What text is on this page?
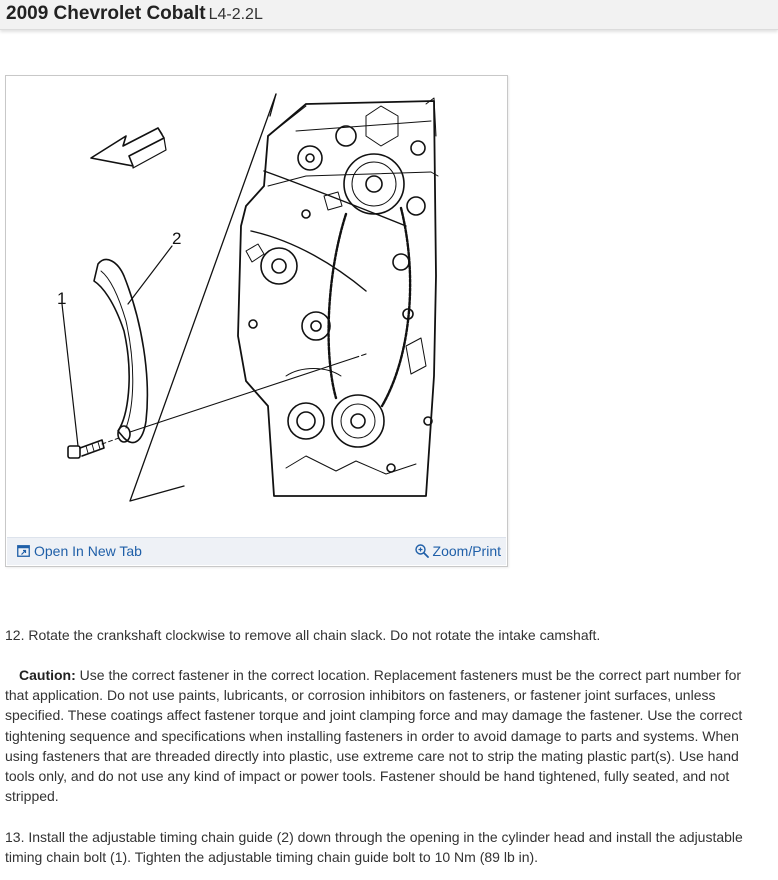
2009 Chevrolet Cobalt L4-2.2L
1
2
Open In New Tab	Zoom/Print
12. Rotate the crankshaft clockwise to remove all chain slack. Do not rotate the intake camshaft.
Caution: Use the correct fastener in the correct location. Replacement fasteners must be the correct part number for that application. Do not use paints, lubricants, or corrosion inhibitors on fasteners, or fastener joint surfaces, unless specified. These coatings affect fastener torque and joint clamping force and may damage the fastener. Use the correct tightening sequence and specifications when installing fasteners in order to avoid damage to parts and systems. When using fasteners that are threaded directly into plastic, use extreme care not to strip the mating plastic part(s). Use hand tools only, and do not use any kind of impact or power tools. Fastener should be hand tightened, fully seated, and not stripped.
13. Install the adjustable timing chain guide (2) down through the opening in the cylinder head and install the adjustable timing chain bolt (1). Tighten the adjustable timing chain guide bolt to 10 Nm (89 lb in).
